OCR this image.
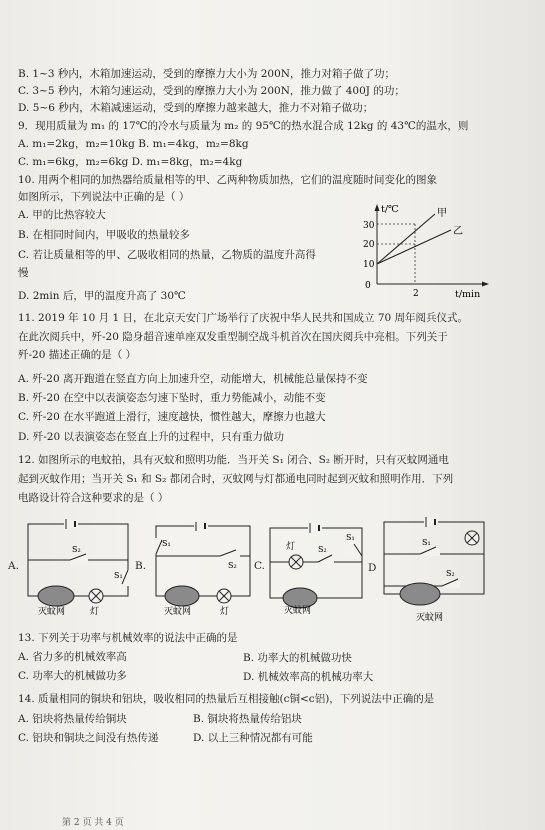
B. 1~3 秒内，木箱加速运动，受到的摩擦力大小为 200N，推力对箱子做了功；
C. 3~5 秒内，木箱匀速运动，受到的摩擦力大小为 200N，推力做了 400J 的功；
D. 5~6 秒内，木箱减速运动，受到的摩擦力越来越大，推力不对箱子做功；
9．现用质量为 m₁ 的 17℃的冷水与质量为 m₂ 的 95℃的热水混合成 12kg 的 43℃的温水，则
A. m₁=2kg，m₂=10kg B. m₁=4kg，m₂=8kg
C. m₁=6kg，m₂=6kg D. m₁=8kg，m₂=4kg
10. 用两个相同的加热器给质量相等的甲、乙两种物质加热，它们的温度随时间变化的图象
如图所示，下列说法中正确的是（ ）
A. 甲的比热容较大
B. 在相同时间内，甲吸收的热量较多
C. 若让质量相等的甲、乙吸收相同的热量，乙物质的温度升高得
慢
D. 2min 后，甲的温度升高了 30℃
11. 2019 年 10 月 1 日，在北京天安门广场举行了庆祝中华人民共和国成立 70 周年阅兵仪式。
在此次阅兵中，歼-20 隐身超音速单座双发重型制空战斗机首次在国庆阅兵中亮相。下列关于
歼-20 描述正确的是（ ）
A. 歼-20 离开跑道在竖直方向上加速升空，动能增大，机械能总量保持不变
B. 歼-20 在空中以表演姿态匀速下坠时，重力势能减小，动能不变
C. 歼-20 在水平跑道上滑行，速度越快，惯性越大，摩擦力也越大
D. 歼-20 以表演姿态在竖直上升的过程中，只有重力做功
12. 如图所示的电蚊拍，具有灭蚊和照明功能．当开关 S₁ 闭合、S₂ 断开时，只有灭蚊网通电
起到灭蚊作用；当开关 S₁ 和 S₂ 都闭合时，灭蚊网与灯都通电同时起到灭蚊和照明作用．下列
电路设计符合这种要求的是（ ）
13. 下列关于功率与机械效率的说法中正确的是
A. 省力多的机械效率高	B. 功率大的机械做功快
C. 功率大的机械做功多	D. 机械效率高的机械功率大
14. 质量相同的铜块和铝块，吸收相同的热量后互相接触(c铜<c铝)，下列说法中正确的是
A. 铝块将热量传给铜块	B. 铜块将热量传给铝块
C. 铝块和铜块之间没有热传递	D. 以上三种情况都有可能
t/℃
t/min
0
10
20
30
2
甲
乙
A.
S₂
S₁
灭蚊网	灯
B.
S₁
S₂
灭蚊网	灯
C.
灯	S₂
S₁
灭蚊网
D
S₁
S₂
灭蚊网
第 2 页 共 4 页
